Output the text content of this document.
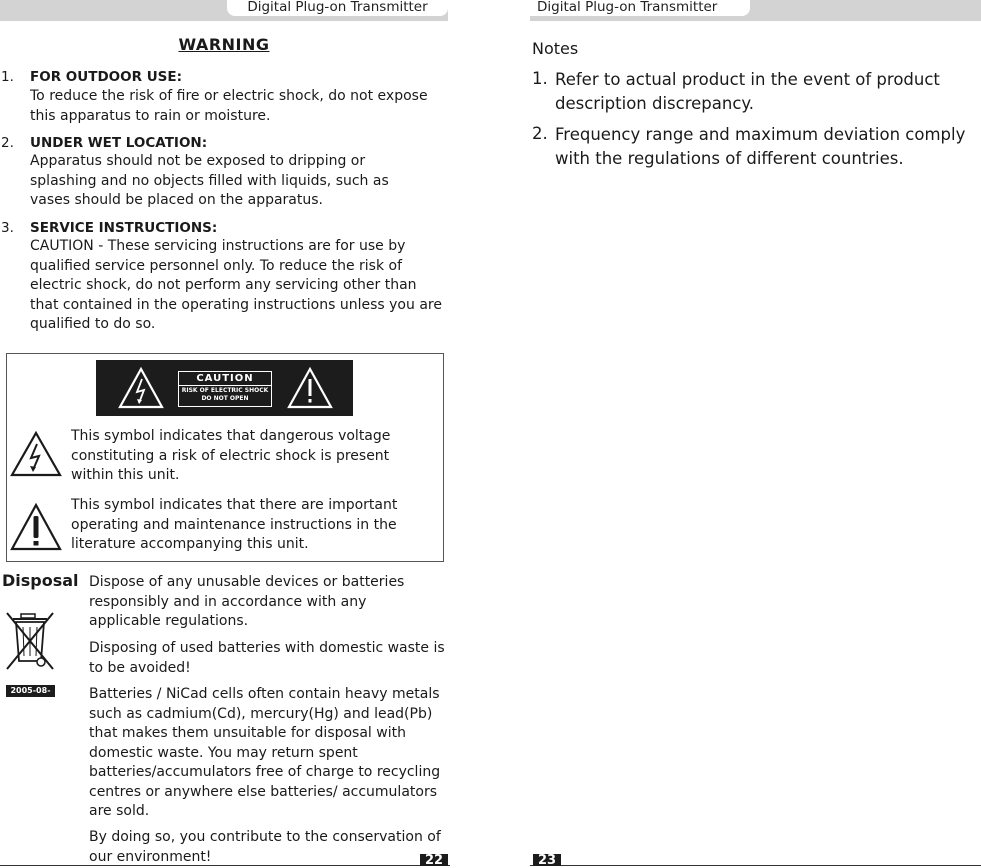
Digital Plug-on Transmitter	Digital Plug-on Transmitter
WARNING
1. FOR OUTDOOR USE:
To reduce the risk of fire or electric shock, do not expose this apparatus to rain or moisture.
2. UNDER WET LOCATION:
Apparatus should not be exposed to dripping or splashing and no objects filled with liquids, such as vases should be placed on the apparatus.
3. SERVICE INSTRUCTIONS:
CAUTION - These servicing instructions are for use by qualified service personnel only. To reduce the risk of electric shock, do not perform any servicing other than that contained in the operating instructions unless you are qualified to do so.
CAUTION
RISK OF ELECTRIC SHOCK
DO NOT OPEN
This symbol indicates that dangerous voltage constituting a risk of electric shock is present within this unit.
This symbol indicates that there are important operating and maintenance instructions in the literature accompanying this unit.
Disposal
2005-08-13
Dispose of any unusable devices or batteries responsibly and in accordance with any applicable regulations.
Disposing of used batteries with domestic waste is to be avoided!
Batteries / NiCad cells often contain heavy metals such as cadmium(Cd), mercury(Hg) and lead(Pb) that makes them unsuitable for disposal with domestic waste. You may return spent batteries/accumulators free of charge to recycling centres or anywhere else batteries/ accumulators are sold.
By doing so, you contribute to the conservation of our environment!	22	23
Notes
1. Refer to actual product in the event of product description discrepancy.
2. Frequency range and maximum deviation comply with the regulations of different countries.
